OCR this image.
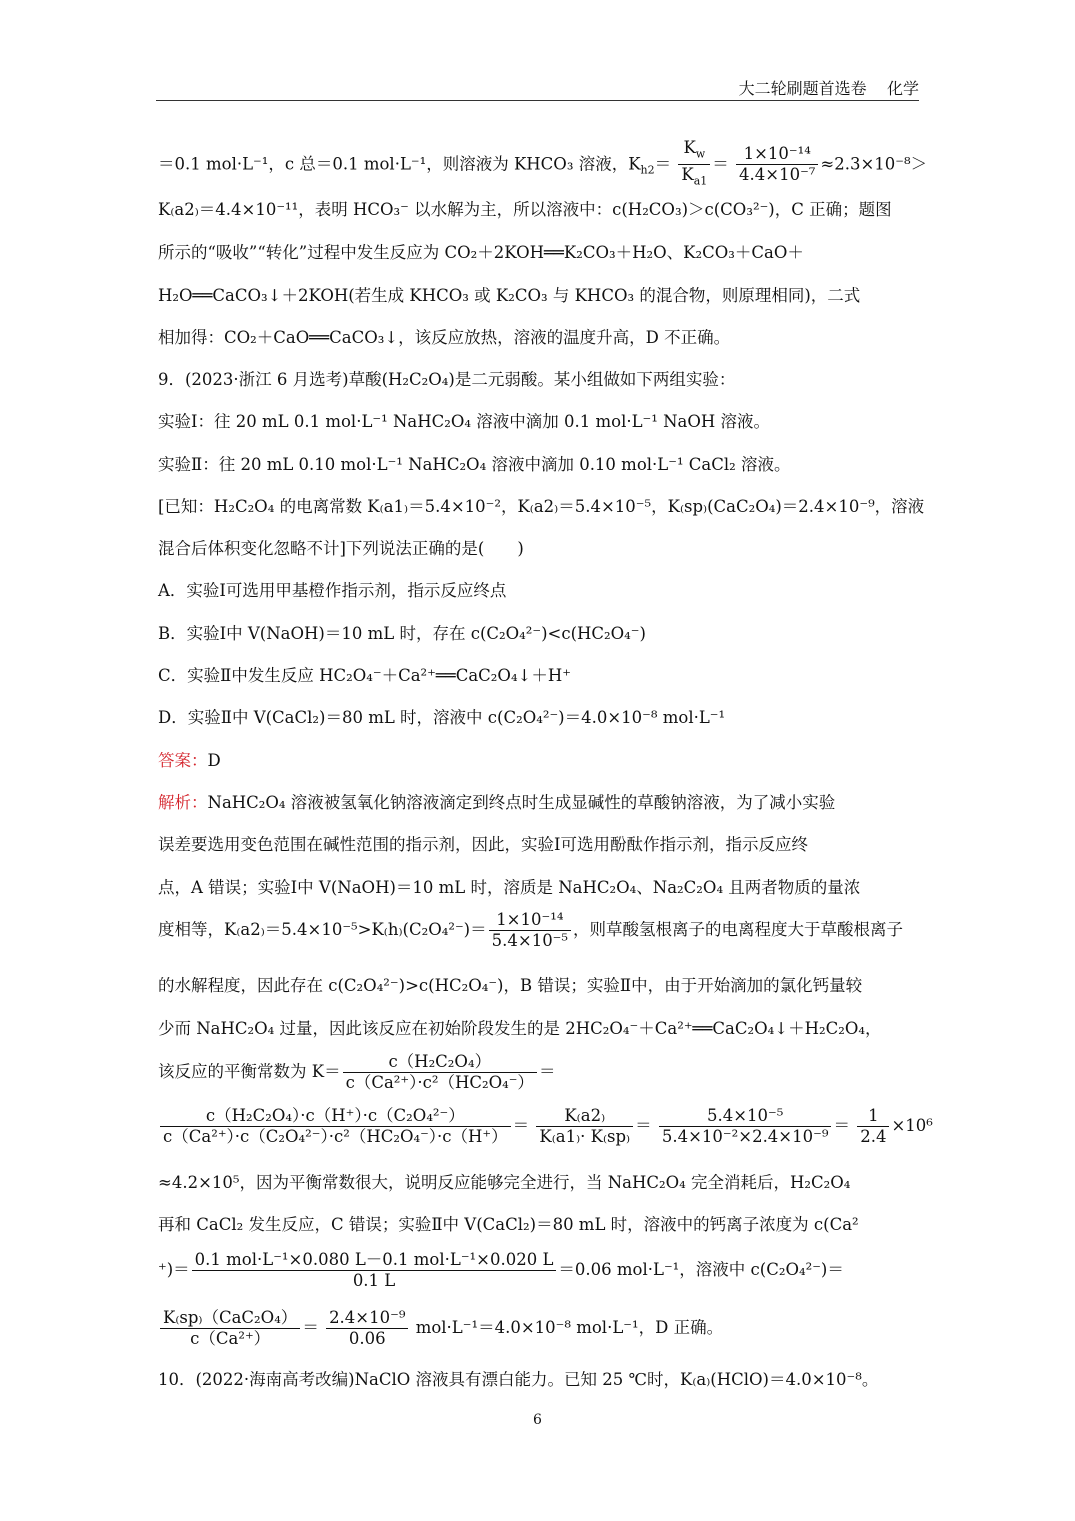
大二轮刷题首选卷 化学
＝0.1 mol·L⁻¹，c 总＝0.1 mol·L⁻¹，则溶液为 KHCO₃ 溶液，$K_{h2}= \frac{K_w}{K_{a1}} = \frac{\text{1×10⁻¹⁴}}{\text{4.4×10⁻⁷}} \approx 2.3\times 10^{-8}>$
K₍a2₎＝4.4×10⁻¹¹，表明 HCO₃⁻ 以水解为主，所以溶液中：c(H₂CO₃)＞c(CO₃²⁻)，C 正确；题图
所示的“吸收”“转化”过程中发生反应为 CO₂＋2KOH══K₂CO₃＋H₂O、K₂CO₃＋CaO＋
H₂O══CaCO₃↓＋2KOH(若生成 KHCO₃ 或 K₂CO₃ 与 KHCO₃ 的混合物，则原理相同)，二式
相加得：CO₂＋CaO══CaCO₃↓，该反应放热，溶液的温度升高，D 不正确。
9．(2023·浙江 6 月选考)草酸(H₂C₂O₄)是二元弱酸。某小组做如下两组实验：
实验Ⅰ：往 20 mL 0.1 mol·L⁻¹ NaHC₂O₄ 溶液中滴加 0.1 mol·L⁻¹ NaOH 溶液。
实验Ⅱ：往 20 mL 0.10 mol·L⁻¹ NaHC₂O₄ 溶液中滴加 0.10 mol·L⁻¹ CaCl₂ 溶液。
[已知：H₂C₂O₄ 的电离常数 K₍a1₎＝5.4×10⁻²，K₍a2₎＝5.4×10⁻⁵，K₍sp₎(CaC₂O₄)＝2.4×10⁻⁹，溶液
混合后体积变化忽略不计]下列说法正确的是(　　)
A．实验Ⅰ可选用甲基橙作指示剂，指示反应终点
B．实验Ⅰ中 V(NaOH)＝10 mL 时，存在 c(C₂O₄²⁻)<c(HC₂O₄⁻)
C．实验Ⅱ中发生反应 HC₂O₄⁻＋Ca²⁺══CaC₂O₄↓＋H⁺
D．实验Ⅱ中 V(CaCl₂)＝80 mL 时，溶液中 c(C₂O₄²⁻)＝4.0×10⁻⁸ mol·L⁻¹
答案：D
解析：NaHC₂O₄ 溶液被氢氧化钠溶液滴定到终点时生成显碱性的草酸钠溶液，为了减小实验
误差要选用变色范围在碱性范围的指示剂，因此，实验Ⅰ可选用酚酞作指示剂，指示反应终
点，A 错误；实验Ⅰ中 V(NaOH)＝10 mL 时，溶质是 NaHC₂O₄、Na₂C₂O₄ 且两者物质的量浓
度相等，$K_(a2_)=5.4\times 10^{-5}>K_(h_)(C_2O_4^{2-})= \frac{\text{1×10⁻¹⁴}}{\text{5.4×10⁻⁵}}$ ，则草酸氢根离子的电离程度大于草酸根离子
的水解程度，因此存在 c(C₂O₄²⁻)>c(HC₂O₄⁻)，B 错误；实验Ⅱ中，由于开始滴加的氯化钙量较
少而 NaHC₂O₄ 过量，因此该反应在初始阶段发生的是 2HC₂O₄⁻＋Ca²⁺══CaC₂O₄↓＋H₂C₂O₄，
该反应的平衡常数为 $K= \frac{\text{c（H₂C₂O₄）}}{\text{c（Ca²⁺）·c²（HC₂O₄⁻）}}$ ＝
$\frac{\text{c（H₂C₂O₄）·c（H⁺）·c（C₂O₄²⁻）}}{\text{c（Ca²⁺）·c（C₂O₄²⁻）·c²（HC₂O₄⁻）·c（H⁺）}} = \frac{K_(a2_)}{K_(a1_)\cdot K_(sp_)} = \frac{\text{5.4×10⁻⁵}}{\text{5.4×10⁻²×2.4×10⁻⁹}} = \frac{1}{2.4} \times 10^6$
≈4.2×10⁵，因为平衡常数很大，说明反应能够完全进行，当 NaHC₂O₄ 完全消耗后，H₂C₂O₄
再和 CaCl₂ 发生反应，C 错误；实验Ⅱ中 V(CaCl₂)＝80 mL 时，溶液中的钙离子浓度为 c(Ca²
⁺)＝ $\frac{\text{0.1 mol·L⁻¹×0.080 L－0.1 mol·L⁻¹×0.020 L}}{0.1 L} =0.06$ mol·L⁻¹，溶液中 c(C₂O₄²⁻)＝
$\frac{\text{K₍sp₎（CaC₂O₄）}}{\text{c（Ca²⁺）}} = \frac{\text{2.4×10⁻⁹}}{0.06} mol\cdot L^{-1}=4.0\times 10^{-8}$ mol·L⁻¹，D 正确。
10．(2022·海南高考改编)NaClO 溶液具有漂白能力。已知 25 ℃时，K₍a₎(HClO)＝4.0×10⁻⁸。
6
